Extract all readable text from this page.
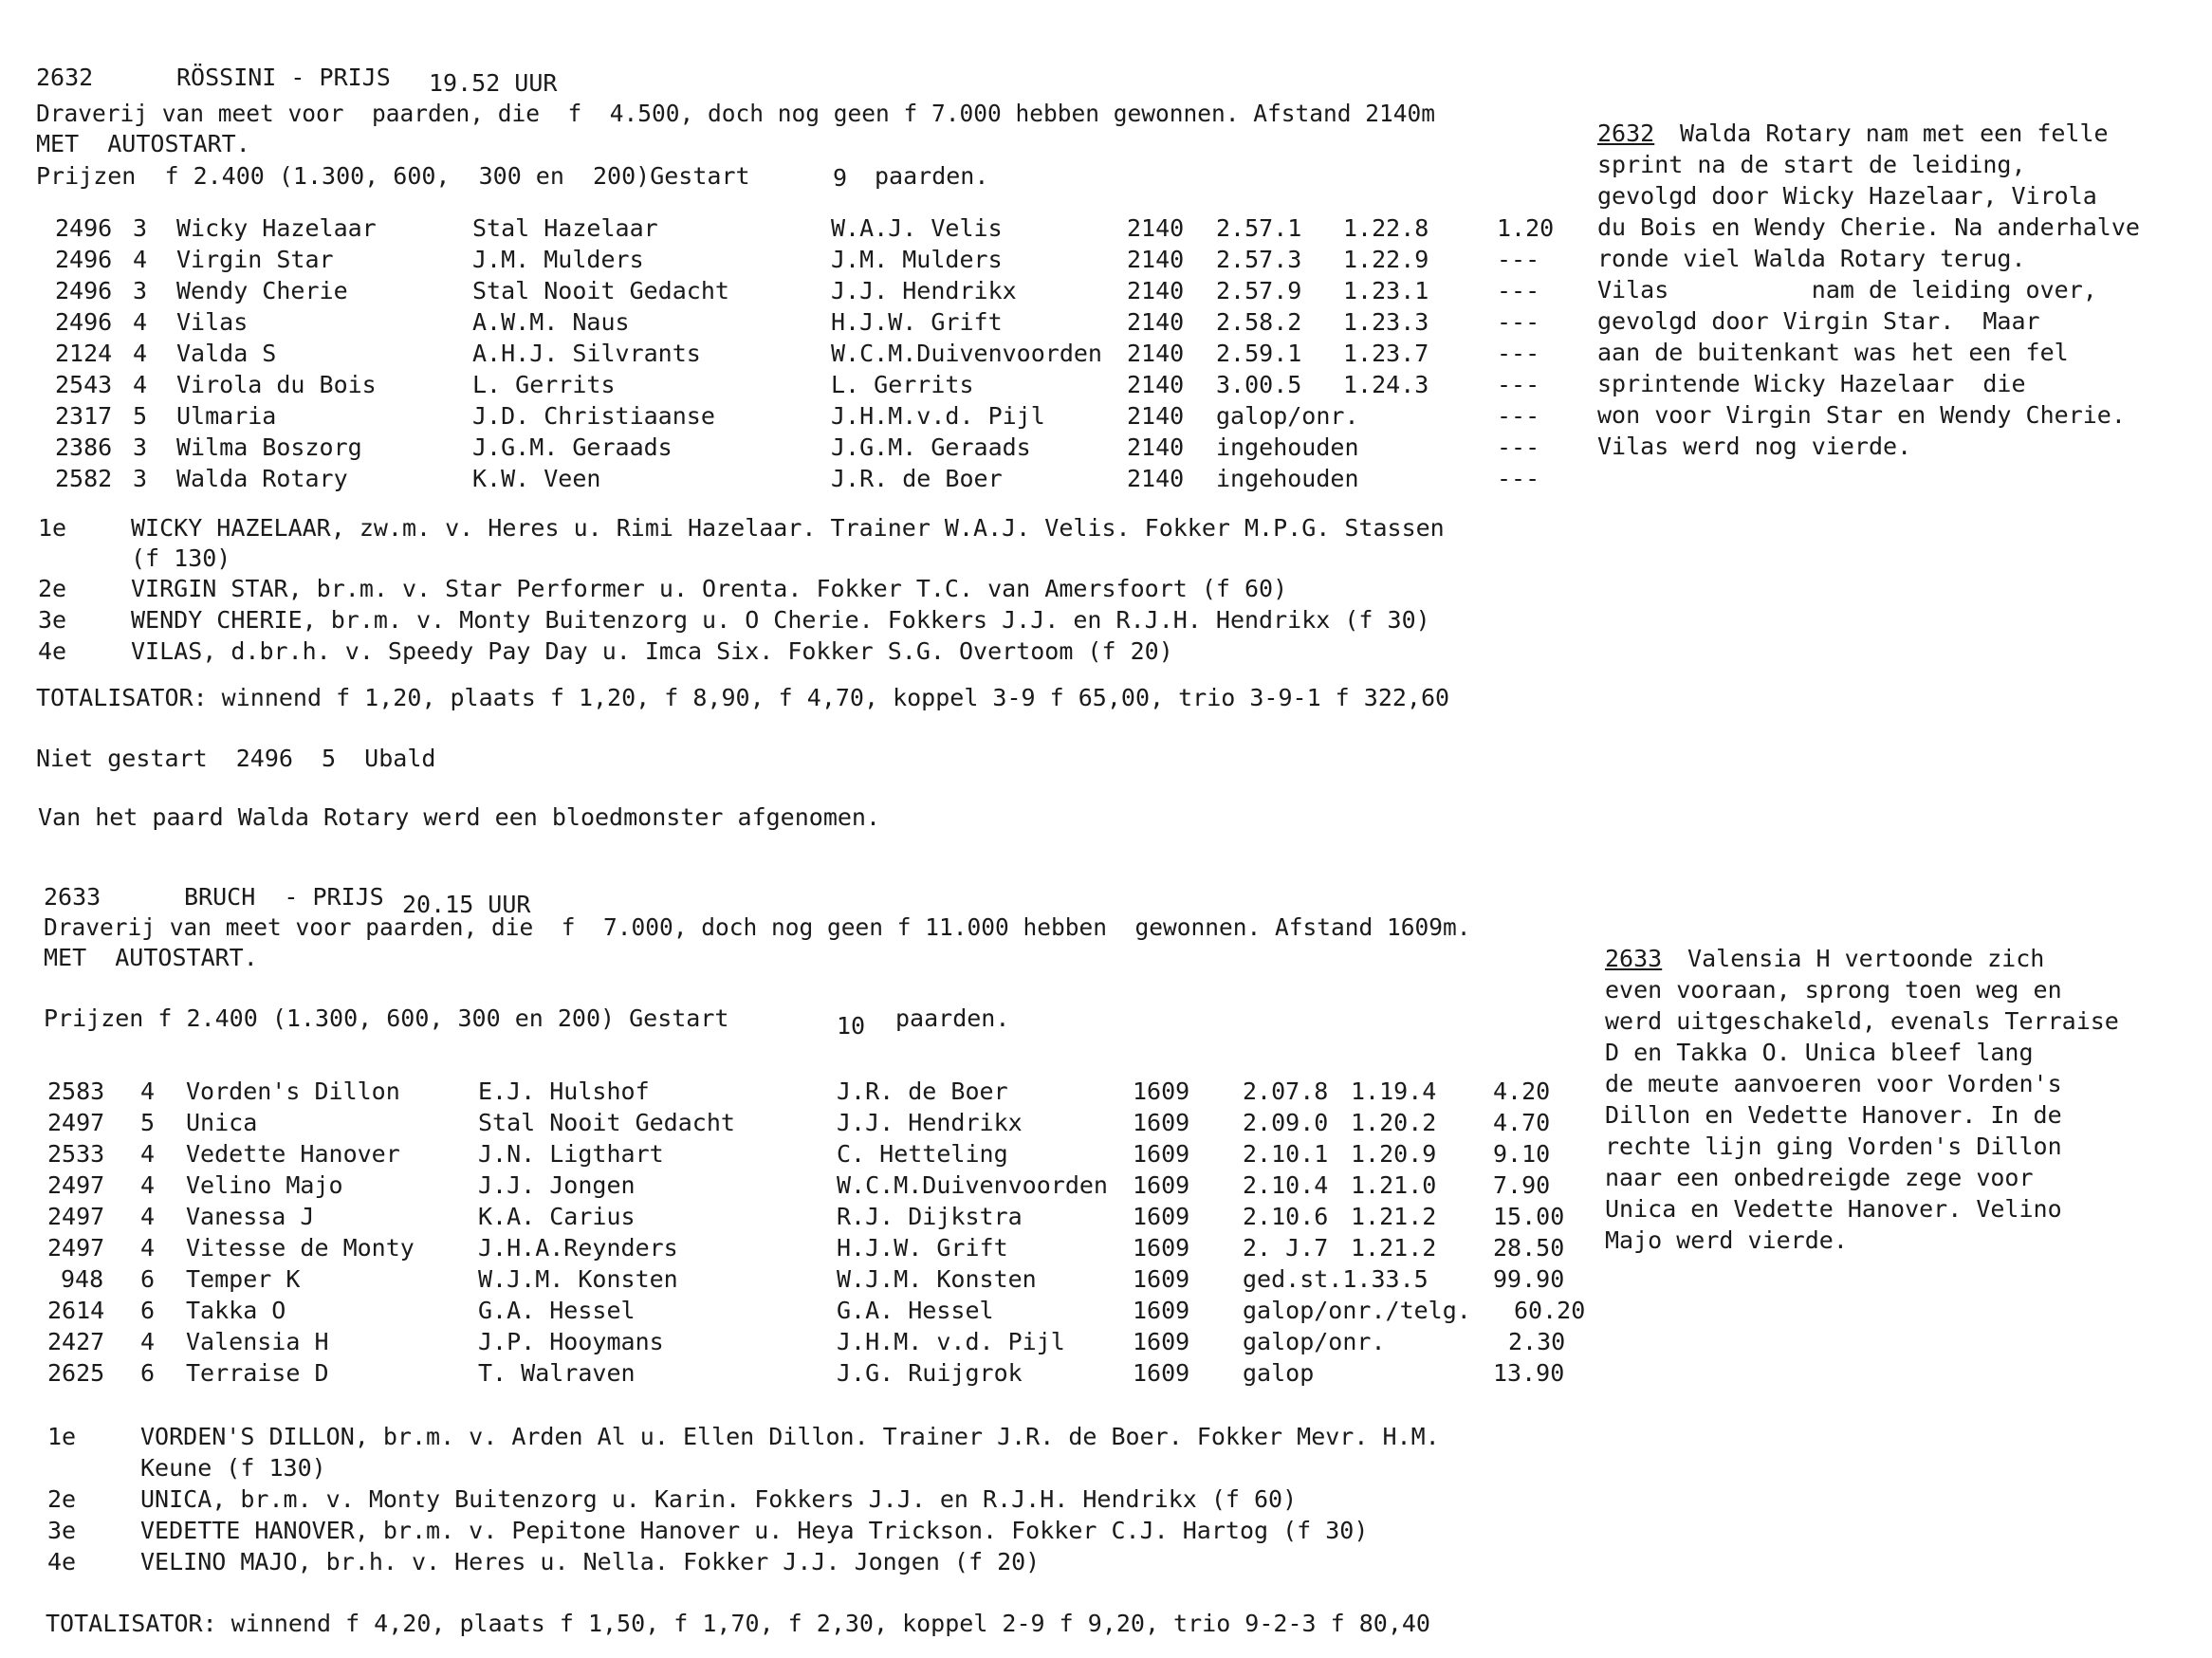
2632	RÖSSINI - PRIJS 19.52 UUR
Draverij van meet voor  paarden, die  f  4.500, doch nog geen f 7.000 hebben gewonnen. Afstand 2140m
MET  AUTOSTART.
Prijzen  f 2.400 (1.300, 600,  300 en  200)Gestart	9 paarden.
2496 3 Wicky Hazelaar	Stal Hazelaar	W.A.J. Velis	2140 2.57.1 1.22.8	1.20
2496 4 Virgin Star	J.M. Mulders	J.M. Mulders	2140 2.57.3 1.22.9	---
2496 3 Wendy Cherie	Stal Nooit Gedacht	J.J. Hendrikx	2140 2.57.9 1.23.1	---
2496 4 Vilas	A.W.M. Naus	H.J.W. Grift	2140 2.58.2 1.23.3	---
2124 4 Valda S	A.H.J. Silvrants	W.C.M.Duivenvoorden 2140 2.59.1 1.23.7	---
2543 4 Virola du Bois	L. Gerrits	L. Gerrits	2140 3.00.5 1.24.3	---
2317 5 Ulmaria	J.D. Christiaanse	J.H.M.v.d. Pijl	2140 galop/onr.	---
2386 3 Wilma Boszorg	J.G.M. Geraads	J.G.M. Geraads	2140 ingehouden	---
2582 3 Walda Rotary	K.W. Veen	J.R. de Boer	2140 ingehouden	---
1e	WICKY HAZELAAR, zw.m. v. Heres u. Rimi Hazelaar. Trainer W.A.J. Velis. Fokker M.P.G. Stassen
(f 130)
2e	VIRGIN STAR, br.m. v. Star Performer u. Orenta. Fokker T.C. van Amersfoort (f 60)
3e	WENDY CHERIE, br.m. v. Monty Buitenzorg u. O Cherie. Fokkers J.J. en R.J.H. Hendrikx (f 30)
4e	VILAS, d.br.h. v. Speedy Pay Day u. Imca Six. Fokker S.G. Overtoom (f 20)
TOTALISATOR: winnend f 1,20, plaats f 1,20, f 8,90, f 4,70, koppel 3-9 f 65,00, trio 3-9-1 f 322,60
Niet gestart  2496  5  Ubald
Van het paard Walda Rotary werd een bloedmonster afgenomen.
2632 Walda Rotary nam met een felle
sprint na de start de leiding,
gevolgd door Wicky Hazelaar, Virola
du Bois en Wendy Cherie. Na anderhalve
ronde viel Walda Rotary terug.
Vilas          nam de leiding over,
gevolgd door Virgin Star.  Maar
aan de buitenkant was het een fel
sprintende Wicky Hazelaar  die
won voor Virgin Star en Wendy Cherie.
Vilas werd nog vierde.
2633	BRUCH  - PRIJS 20.15 UUR
Draverij van meet voor paarden, die  f  7.000, doch nog geen f 11.000 hebben  gewonnen. Afstand 1609m.
MET  AUTOSTART.
Prijzen f 2.400 (1.300, 600, 300 en 200) Gestart	10 paarden.
2583 4 Vorden's Dillon	E.J. Hulshof	J.R. de Boer	1609 2.07.8 1.19.4 4.20
2497 5 Unica	Stal Nooit Gedacht	J.J. Hendrikx	1609 2.09.0 1.20.2 4.70
2533 4 Vedette Hanover	J.N. Ligthart	C. Hetteling	1609 2.10.1 1.20.9 9.10
2497 4 Velino Majo	J.J. Jongen	W.C.M.Duivenvoorden 1609 2.10.4 1.21.0 7.90
2497 4 Vanessa J	K.A. Carius	R.J. Dijkstra	1609 2.10.6 1.21.2 15.00
2497 4 Vitesse de Monty	J.H.A.Reynders	H.J.W. Grift	1609 2. J.7 1.21.2 28.50
948 6 Temper K	W.J.M. Konsten	W.J.M. Konsten	1609 ged.st.1.33.5	99.90
2614 6 Takka O	G.A. Hessel	G.A. Hessel	1609 galop/onr./telg. 60.20
2427 4 Valensia H	J.P. Hooymans	J.H.M. v.d. Pijl	1609 galop/onr.	2.30
2625 6 Terraise D	T. Walraven	J.G. Ruijgrok	1609 galop	13.90
1e	VORDEN'S DILLON, br.m. v. Arden Al u. Ellen Dillon. Trainer J.R. de Boer. Fokker Mevr. H.M.
Keune (f 130)
2e	UNICA, br.m. v. Monty Buitenzorg u. Karin. Fokkers J.J. en R.J.H. Hendrikx (f 60)
3e	VEDETTE HANOVER, br.m. v. Pepitone Hanover u. Heya Trickson. Fokker C.J. Hartog (f 30)
4e	VELINO MAJO, br.h. v. Heres u. Nella. Fokker J.J. Jongen (f 20)
TOTALISATOR: winnend f 4,20, plaats f 1,50, f 1,70, f 2,30, koppel 2-9 f 9,20, trio 9-2-3 f 80,40
2633 Valensia H vertoonde zich
even vooraan, sprong toen weg en
werd uitgeschakeld, evenals Terraise
D en Takka O. Unica bleef lang
de meute aanvoeren voor Vorden's
Dillon en Vedette Hanover. In de
rechte lijn ging Vorden's Dillon
naar een onbedreigde zege voor
Unica en Vedette Hanover. Velino
Majo werd vierde.
